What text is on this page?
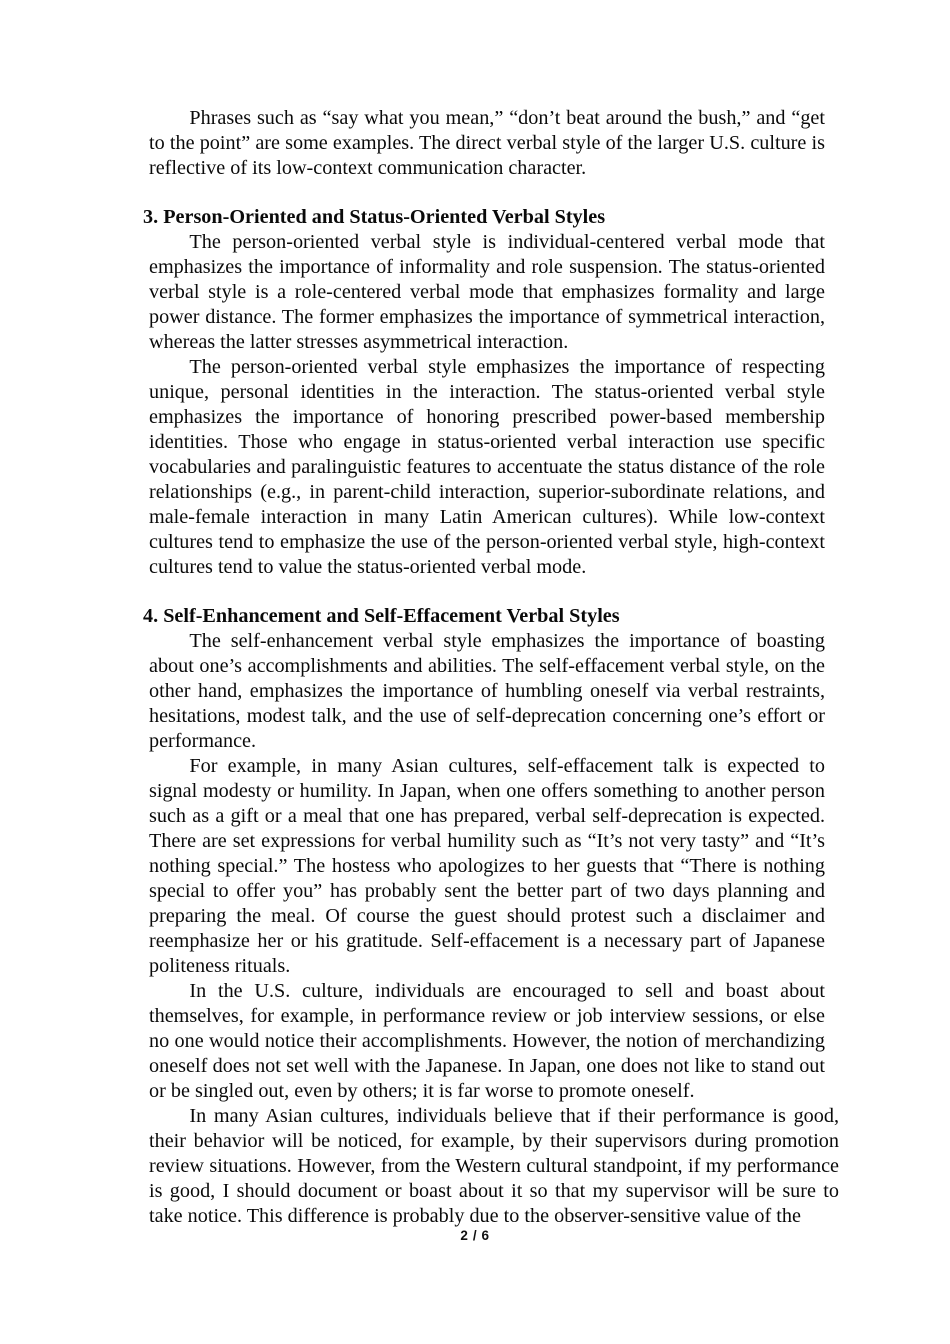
Phrases such as “say what you mean,” “don’t beat around the bush,” and “get to the point” are some examples. The direct verbal style of the larger U.S. culture is reflective of its low-context communication character.

3. Person-Oriented and Status-Oriented Verbal Styles

The person-oriented verbal style is individual-centered verbal mode that emphasizes the importance of informality and role suspension. The status-oriented verbal style is a role-centered verbal mode that emphasizes formality and large power distance. The former emphasizes the importance of symmetrical interaction, whereas the latter stresses asymmetrical interaction.

The person-oriented verbal style emphasizes the importance of respecting unique, personal identities in the interaction. The status-oriented verbal style emphasizes the importance of honoring prescribed power-based membership identities. Those who engage in status-oriented verbal interaction use specific vocabularies and paralinguistic features to accentuate the status distance of the role relationships (e.g., in parent-child interaction, superior-subordinate relations, and male-female interaction in many Latin American cultures). While low-context cultures tend to emphasize the use of the person-oriented verbal style, high-context cultures tend to value the status-oriented verbal mode.

4. Self-Enhancement and Self-Effacement Verbal Styles

The self-enhancement verbal style emphasizes the importance of boasting about one’s accomplishments and abilities. The self-effacement verbal style, on the other hand, emphasizes the importance of humbling oneself via verbal restraints, hesitations, modest talk, and the use of self-deprecation concerning one’s effort or performance.

For example, in many Asian cultures, self-effacement talk is expected to signal modesty or humility. In Japan, when one offers something to another person such as a gift or a meal that one has prepared, verbal self-deprecation is expected. There are set expressions for verbal humility such as “It’s not very tasty” and “It’s nothing special.” The hostess who apologizes to her guests that “There is nothing special to offer you” has probably sent the better part of two days planning and preparing the meal. Of course the guest should protest such a disclaimer and reemphasize her or his gratitude. Self-effacement is a necessary part of Japanese politeness rituals.

In the U.S. culture, individuals are encouraged to sell and boast about themselves, for example, in performance review or job interview sessions, or else no one would notice their accomplishments. However, the notion of merchandizing oneself does not set well with the Japanese. In Japan, one does not like to stand out or be singled out, even by others; it is far worse to promote oneself.

In many Asian cultures, individuals believe that if their performance is good, their behavior will be noticed, for example, by their supervisors during promotion review situations. However, from the Western cultural standpoint, if my performance is good, I should document or boast about it so that my supervisor will be sure to take notice. This difference is probably due to the observer-sensitive value of the

2 / 6
